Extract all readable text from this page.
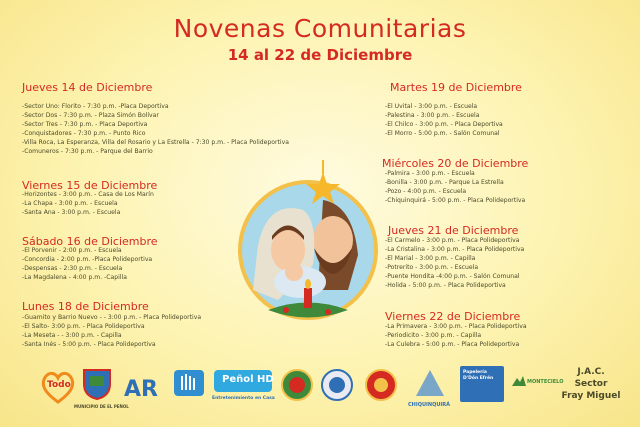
Novenas Comunitarias
14 al 22 de Diciembre
Jueves 14 de Diciembre
-Sector Uno: Florito - 7:30 p.m. -Placa Deportiva
-Sector Dos - 7:30 p.m. - Plaza Simón Bolívar
-Sector Tres - 7:30 p.m. - Placa Deportiva
-Conquistadores - 7:30 p.m. - Punto Rico
-Villa Roca, La Esperanza, Villa del Rosario y La Estrella - 7:30 p.m. - Placa Polideportiva
-Comuneros - 7:30 p.m. - Parque del Barrio
Viernes 15 de Diciembre
-Horizontes - 3:00 p.m. - Casa de Los Marín
-La Chapa - 3:00 p.m. - Escuela
-Santa Ana - 3:00 p.m. - Escuela
Sábado 16 de Diciembre
-El Porvenir - 2:00 p.m. - Escuela
-Concordia - 2:00 p.m. -Placa Polideportiva
-Despensas - 2:30 p.m. - Escuela
-La Magdalena - 4:00 p.m. -Capilla
Lunes 18 de Diciembre
-Guamito y Barrio Nuevo - - 3:00 p.m. - Placa Polideportiva
-El Salto- 3:00 p.m. - Placa Polideportiva
-La Meseta - - 3:00 p.m. - Capilla
-Santa Inés - 5:00 p.m. - Placa Polideportiva
Martes 19 de Diciembre
-El Uvital - 3:00 p.m. - Escuela
-Palestina - 3:00 p.m. - Escuela
-El Chilco - 3:00 p.m. - Placa Deportiva
-El Morro - 5:00 p.m. - Salón Comunal
Miércoles 20 de Diciembre
-Palmira - 3:00 p.m. - Escuela
-Bonilla - 3:00 p.m. - Parque La Estrella
-Pozo - 4:00 p.m. - Escuela
-Chiquinquirá - 5:00 p.m. - Placa Polideportiva
Jueves 21 de Diciembre
-El Carmelo - 3:00 p.m. - Placa Polideportiva
-La Cristalina - 3:00 p.m. - Placa Polideportiva
-El Marial - 3:00 p.m. - Capilla
-Potrerito - 3:00 p.m. - Escuela
-Puente Hondita -4:00 p.m. - Salón Comunal
-Holida - 5:00 p.m. - Placa Polideportiva
Viernes 22 de Diciembre
-La Primavera - 3:00 p.m. - Placa Polideportiva
-Periodicito - 3:00 p.m. - Capilla
-La Culebra - 5:00 p.m. - Placa Polideportiva
Todo
MUNICIPIO DE EL PEÑOL
AR	Peñol HD
Entretenimiento en Casa
CHIQUINQUIRÁ
Papelería D'Dón Efrén
MONTECIELO
J.A.C.
Sector
Fray Miguel
